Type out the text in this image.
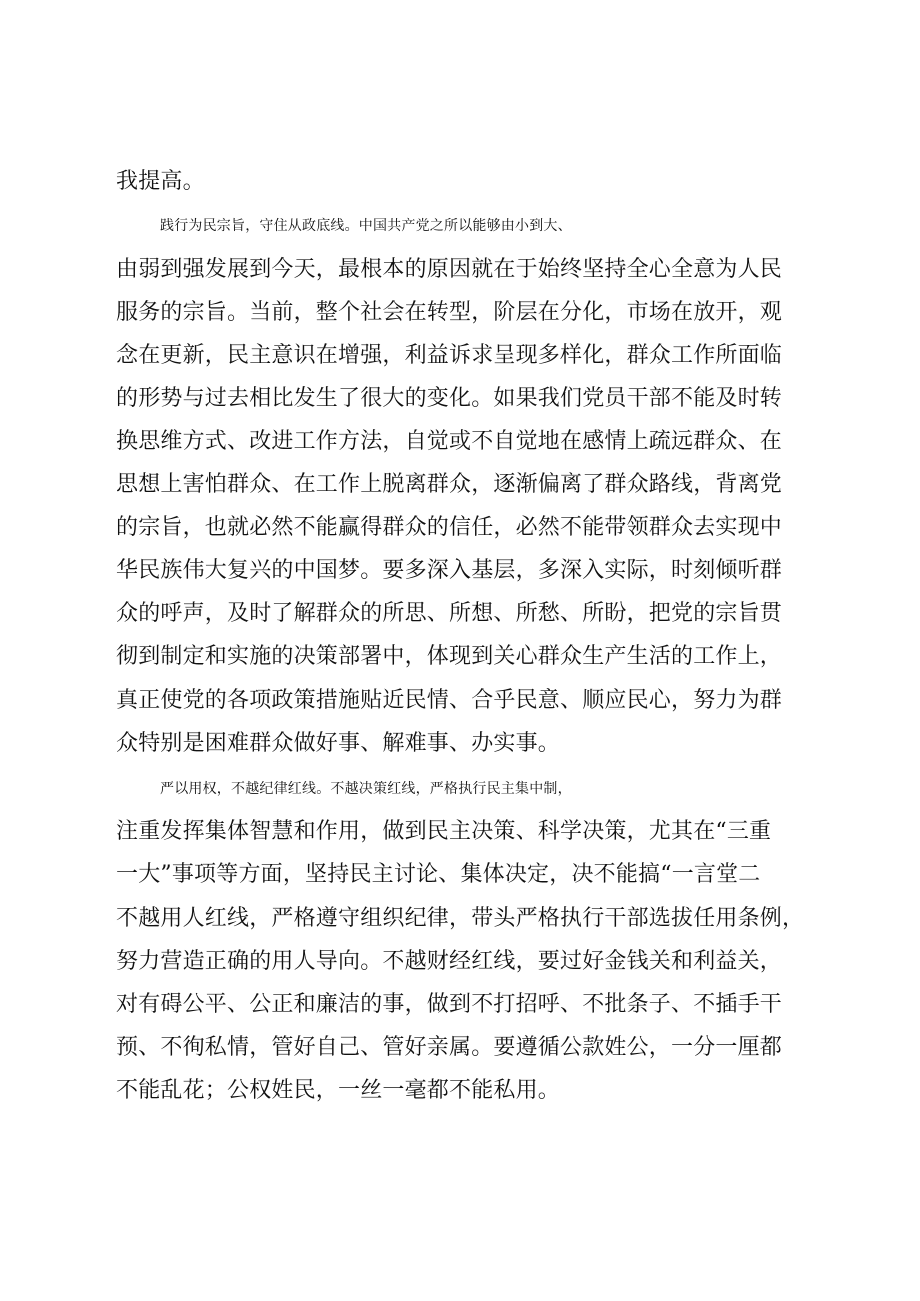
我提高。
践行为民宗旨，守住从政底线。中国共产党之所以能够由小到大、
由弱到强发展到今天，最根本的原因就在于始终坚持全心全意为人民
服务的宗旨。当前，整个社会在转型，阶层在分化，市场在放开，观
念在更新，民主意识在增强，利益诉求呈现多样化，群众工作所面临
的形势与过去相比发生了很大的变化。如果我们党员干部不能及时转
换思维方式、改进工作方法，自觉或不自觉地在感情上疏远群众、在
思想上害怕群众、在工作上脱离群众，逐渐偏离了群众路线，背离党
的宗旨，也就必然不能赢得群众的信任，必然不能带领群众去实现中
华民族伟大复兴的中国梦。要多深入基层，多深入实际，时刻倾听群
众的呼声，及时了解群众的所思、所想、所愁、所盼，把党的宗旨贯
彻到制定和实施的决策部署中，体现到关心群众生产生活的工作上，
真正使党的各项政策措施贴近民情、合乎民意、顺应民心，努力为群
众特别是困难群众做好事、解难事、办实事。
严以用权，不越纪律红线。不越决策红线，严格执行民主集中制，
注重发挥集体智慧和作用，做到民主决策、科学决策，尤其在“三重
一大”事项等方面，坚持民主讨论、集体决定，决不能搞“一言堂二
不越用人红线，严格遵守组织纪律，带头严格执行干部选拔任用条例，
努力营造正确的用人导向。不越财经红线，要过好金钱关和利益关，
对有碍公平、公正和廉洁的事，做到不打招呼、不批条子、不插手干
预、不徇私情，管好自己、管好亲属。要遵循公款姓公，一分一厘都
不能乱花；公权姓民，一丝一毫都不能私用。
